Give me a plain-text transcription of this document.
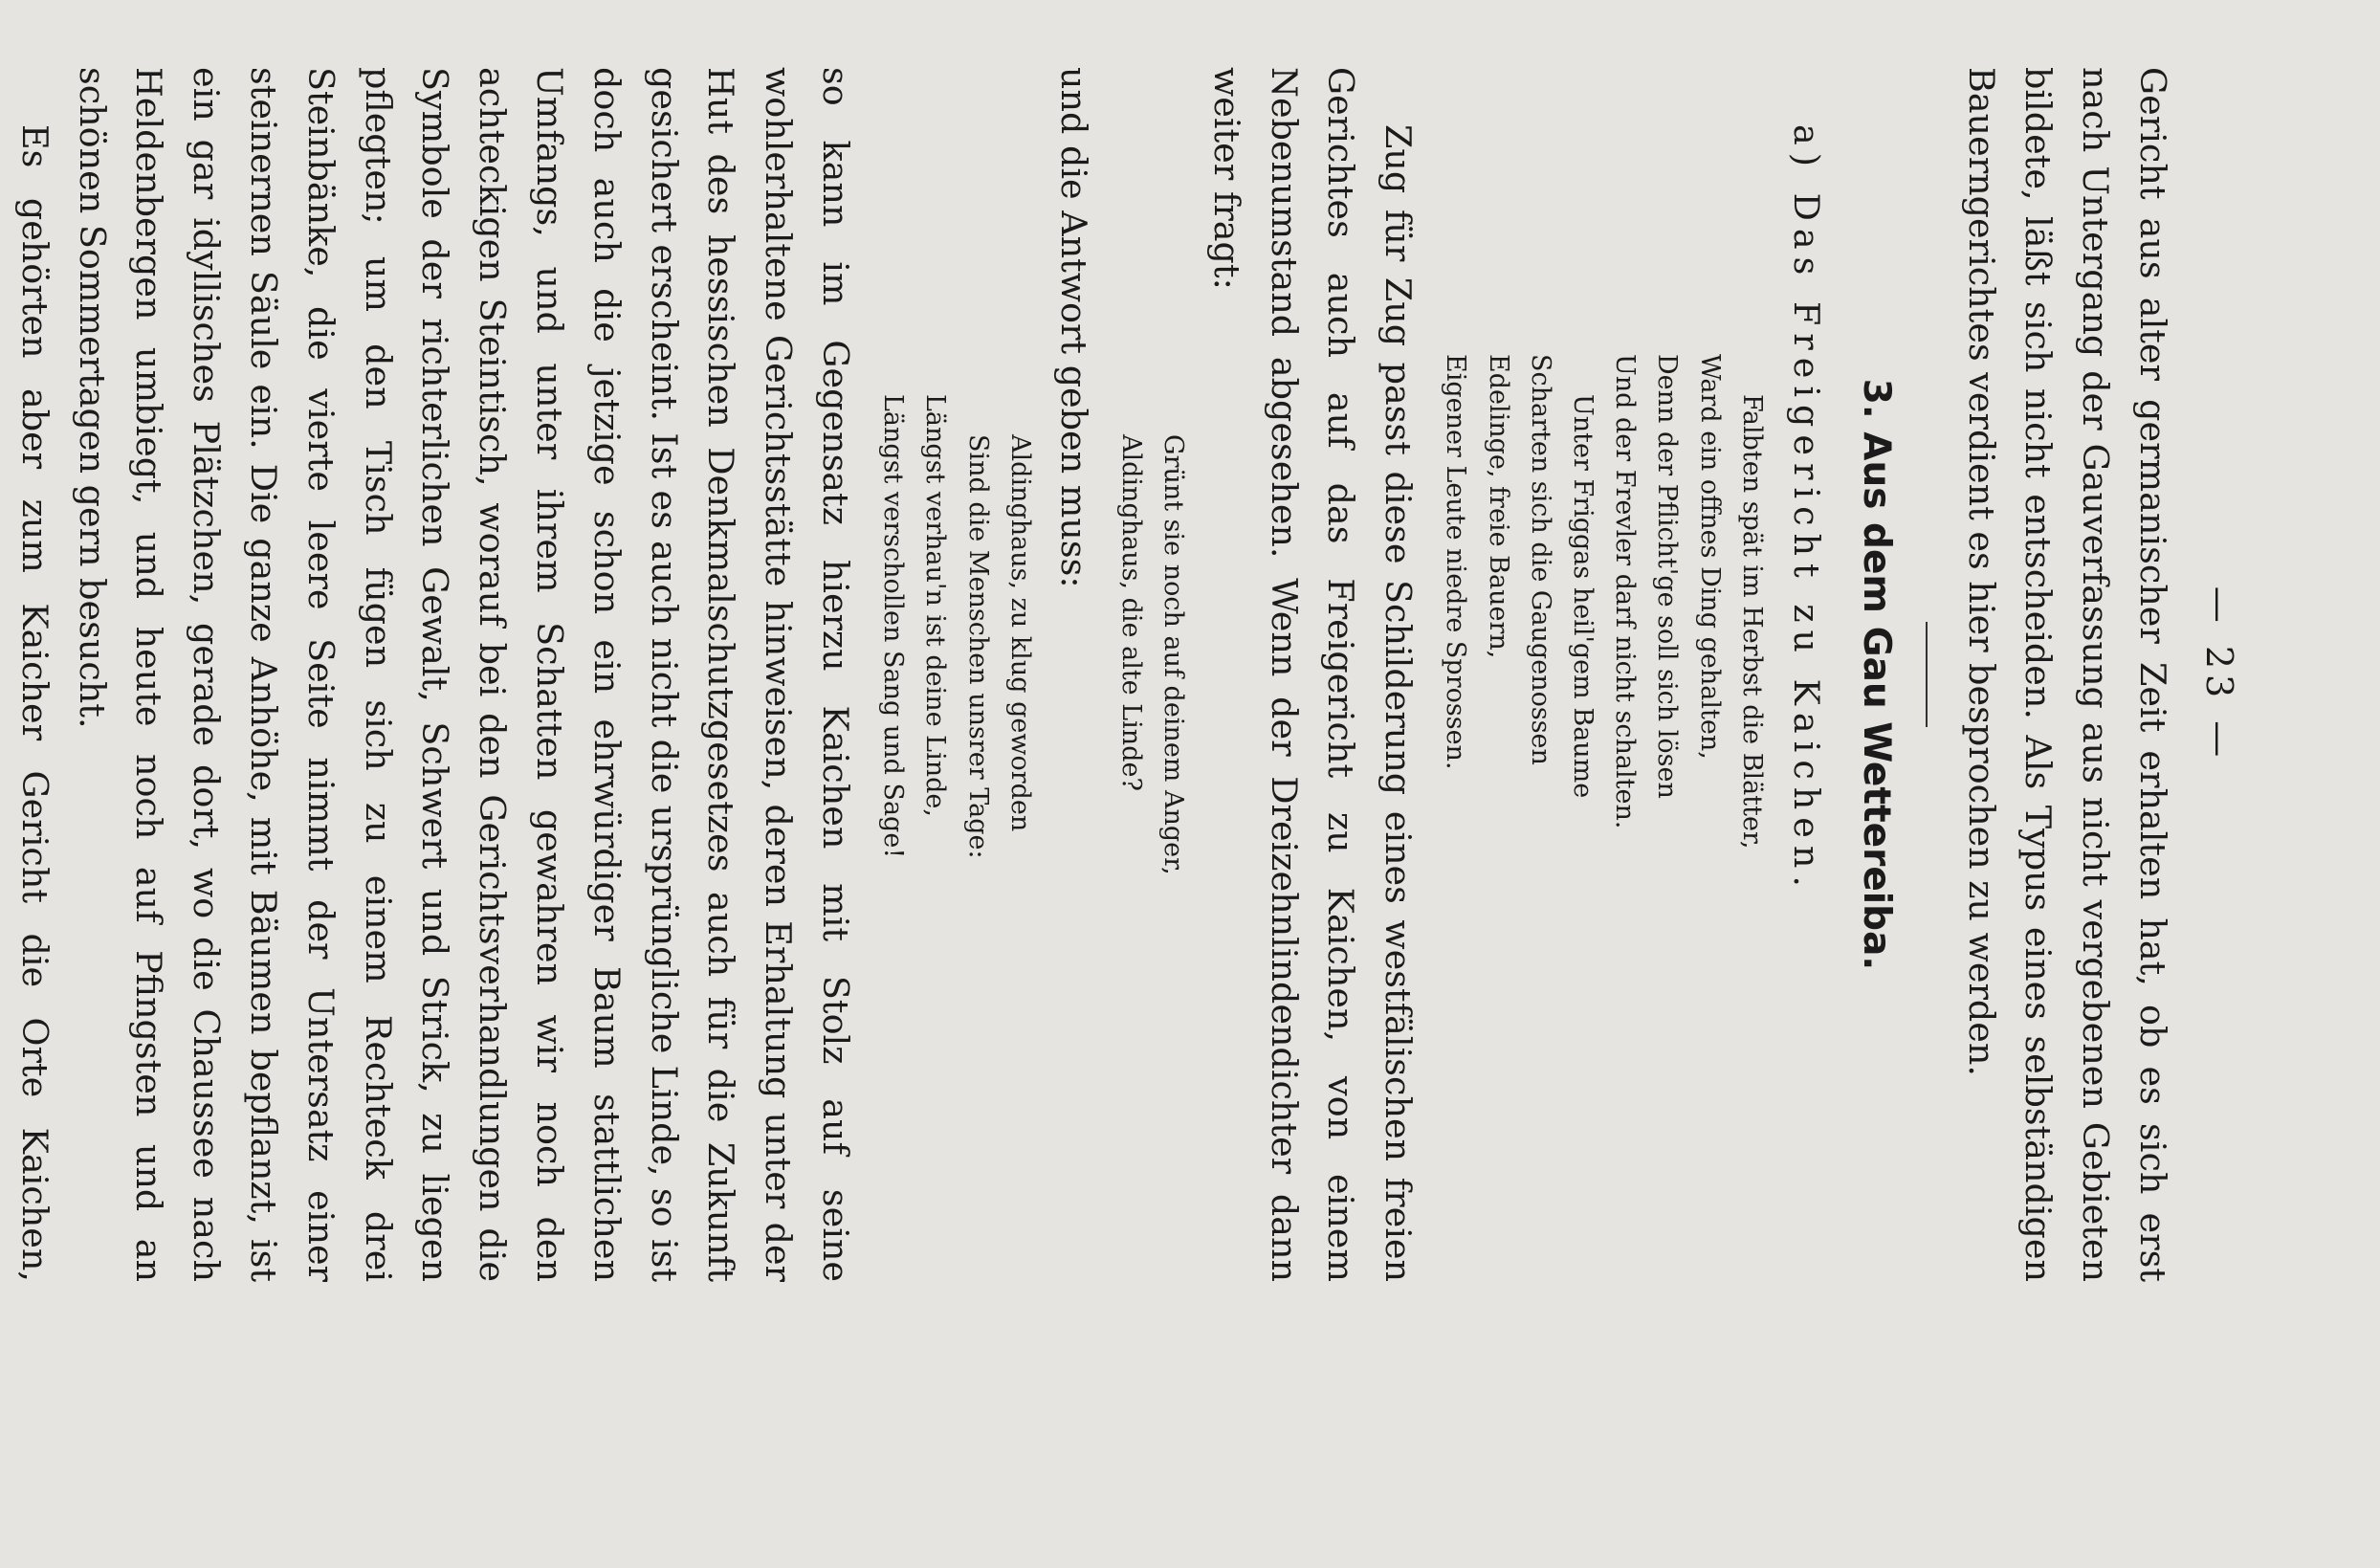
— 23 —

Gericht aus alter germanischer Zeit erhalten hat, ob es sich erst nach Untergang der Gauverfassung aus nicht vergebenen Gebieten bildete, läßt sich nicht entscheiden. Als Typus eines selbständigen Bauerngerichtes verdient es hier besprochen zu werden.

3. Aus dem Gau Wettereiba.
a) Das Freigericht zu Kaichen.
Falbten spät im Herbst die Blätter,
Ward ein offnes Ding gehalten,
Denn der Pflicht'ge soll sich lösen
Und der Frevler darf nicht schalten.
Unter Friggas heil'gem Baume
Scharten sich die Gaugenossen
Edelinge, freie Bauern,
Eigener Leute niedre Sprossen.

Zug für Zug passt diese Schilderung eines westfälischen freien Gerichtes auch auf das Freigericht zu Kaichen, von einem Nebenumstand abgesehen. Wenn der Dreizehnlindendichter dann weiter fragt:

Grünt sie noch auf deinem Anger,
Aldinghaus, die alte Linde?

und die Antwort geben muss:

Aldinghaus, zu klug geworden
Sind die Menschen unsrer Tage:
Längst verhau'n ist deine Linde,
Längst verschollen Sang und Sage!

so kann im Gegensatz hierzu Kaichen mit Stolz auf seine wohlerhaltene Gerichtsstätte hinweisen, deren Erhaltung unter der Hut des hessischen Denkmalschutzgesetzes auch für die Zukunft gesichert erscheint. Ist es auch nicht die ursprüngliche Linde, so ist doch auch die jetzige schon ein ehrwürdiger Baum stattlichen Umfangs, und unter ihrem Schatten gewahren wir noch den achteckigen Steintisch, worauf bei den Gerichtsverhandlungen die Symbole der richterlichen Gewalt, Schwert und Strick, zu liegen pflegten; um den Tisch fügen sich zu einem Rechteck drei Steinbänke, die vierte leere Seite nimmt der Untersatz einer steinernen Säule ein. Die ganze Anhöhe, mit Bäumen bepflanzt, ist ein gar idyllisches Plätzchen, gerade dort, wo die Chaussee nach Heldenbergen umbiegt, und heute noch auf Pfingsten und an schönen Sommertagen gern besucht.

Es gehörten aber zum Kaicher Gericht die Orte Kaichen,
